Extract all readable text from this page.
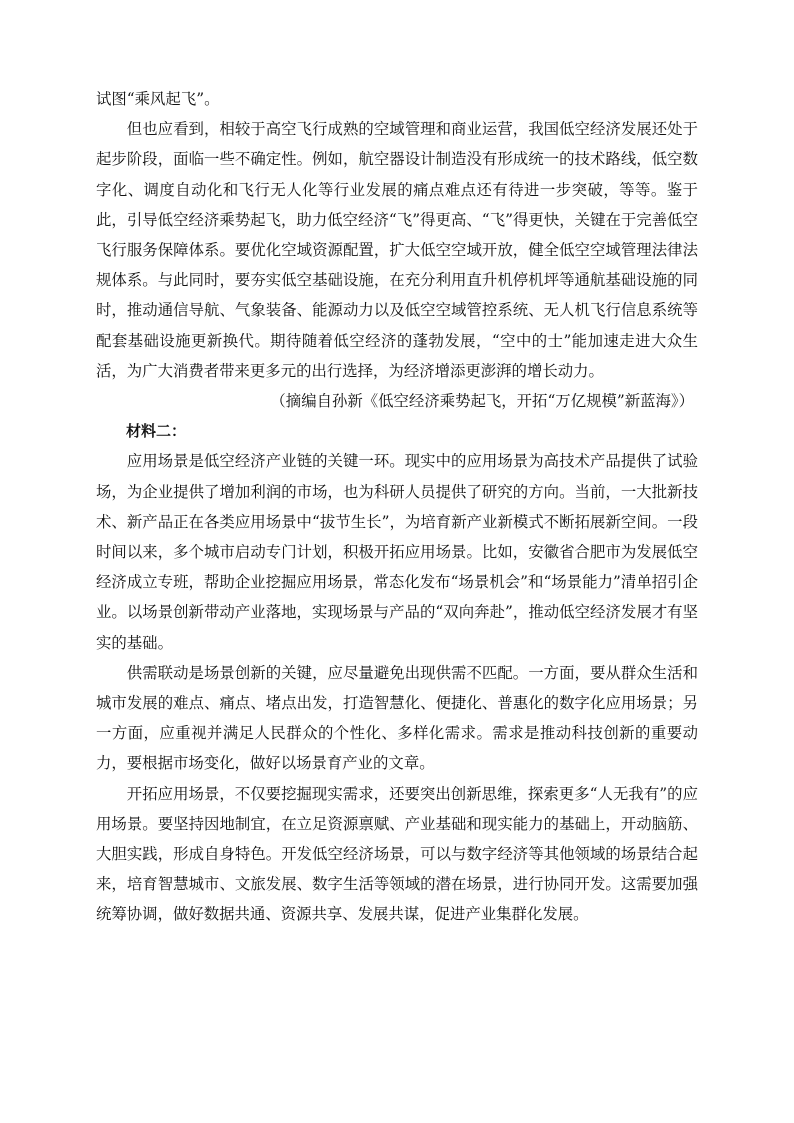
试图“乘风起飞”。

但也应看到，相较于高空飞行成熟的空域管理和商业运营，我国低空经济发展还处于起步阶段，面临一些不确定性。例如，航空器设计制造没有形成统一的技术路线，低空数字化、调度自动化和飞行无人化等行业发展的痛点难点还有待进一步突破，等等。鉴于此，引导低空经济乘势起飞，助力低空经济“飞”得更高、“飞”得更快，关键在于完善低空飞行服务保障体系。要优化空域资源配置，扩大低空空域开放，健全低空空域管理法律法规体系。与此同时，要夯实低空基础设施，在充分利用直升机停机坪等通航基础设施的同时，推动通信导航、气象装备、能源动力以及低空空域管控系统、无人机飞行信息系统等配套基础设施更新换代。期待随着低空经济的蓬勃发展，“空中的士”能加速走进大众生活，为广大消费者带来更多元的出行选择，为经济增添更澎湃的增长动力。

（摘编自孙新《低空经济乘势起飞，开拓“万亿规模”新蓝海》）

材料二：

应用场景是低空经济产业链的关键一环。现实中的应用场景为高技术产品提供了试验场，为企业提供了增加利润的市场，也为科研人员提供了研究的方向。当前，一大批新技术、新产品正在各类应用场景中“拔节生长”，为培育新产业新模式不断拓展新空间。一段时间以来，多个城市启动专门计划，积极开拓应用场景。比如，安徽省合肥市为发展低空经济成立专班，帮助企业挖掘应用场景，常态化发布“场景机会”和“场景能力”清单招引企业。以场景创新带动产业落地，实现场景与产品的“双向奔赴”，推动低空经济发展才有坚实的基础。

供需联动是场景创新的关键，应尽量避免出现供需不匹配。一方面，要从群众生活和城市发展的难点、痛点、堵点出发，打造智慧化、便捷化、普惠化的数字化应用场景；另一方面，应重视并满足人民群众的个性化、多样化需求。需求是推动科技创新的重要动力，要根据市场变化，做好以场景育产业的文章。

开拓应用场景，不仅要挖掘现实需求，还要突出创新思维，探索更多“人无我有”的应用场景。要坚持因地制宜，在立足资源禀赋、产业基础和现实能力的基础上，开动脑筋、大胆实践，形成自身特色。开发低空经济场景，可以与数字经济等其他领域的场景结合起来，培育智慧城市、文旅发展、数字生活等领域的潜在场景，进行协同开发。这需要加强统筹协调，做好数据共通、资源共享、发展共谋，促进产业集群化发展。
